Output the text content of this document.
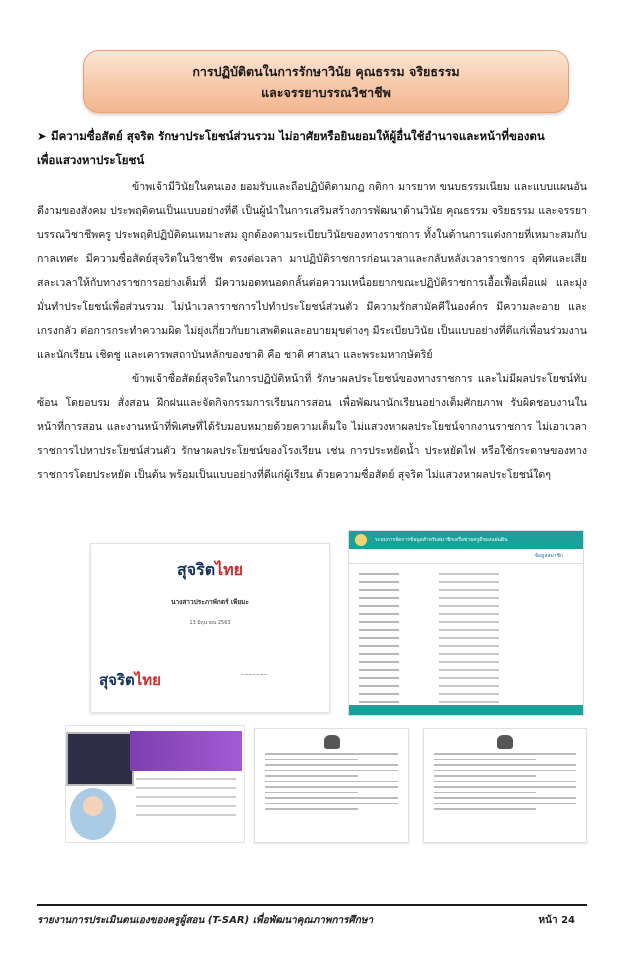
การปฏิบัติตนในการรักษาวินัย คุณธรรม จริยธรรม
และจรรยาบรรณวิชาชีพ
➤ มีความซื่อสัตย์ สุจริต รักษาประโยชน์ส่วนรวม ไม่อาศัยหรือยินยอมให้ผู้อื่นใช้อำนาจและหน้าที่ของตน
เพื่อแสวงหาประโยชน์
ข้าพเจ้ามีวินัยในตนเอง ยอมรับและถือปฏิบัติตามกฎ กติกา มารยาท ขนบธรรมเนียม และแบบแผนอันดีงามของสังคม ประพฤติตนเป็นแบบอย่างที่ดี เป็นผู้นำในการเสริมสร้างการพัฒนาด้านวินัย คุณธรรม จริยธรรม และจรรยาบรรณวิชาชีพครู ประพฤติปฏิบัติตนเหมาะสม ถูกต้องตามระเบียบวินัยของทางราชการ ทั้งในด้านการแต่งกายที่เหมาะสมกับกาลเทศะ มีความซื่อสัตย์สุจริตในวิชาชีพ ตรงต่อเวลา มาปฏิบัติราชการก่อนเวลาและกลับหลังเวลาราชการ อุทิศและเสียสละเวลาให้กับทางราชการอย่างเต็มที่ มีความอดทนอดกลั้นต่อความเหนื่อยยากขณะปฏิบัติราชการเอื้อเฟื้อเผื่อแผ่ และมุ่งมั่นทำประโยชน์เพื่อส่วนรวม ไม่นำเวลาราชการไปทำประโยชน์ส่วนตัว มีความรักสามัคคีในองค์กร มีความละอาย และเกรงกลัว ต่อการกระทำความผิด ไม่ยุ่งเกี่ยวกับยาเสพติดและอบายมุขต่างๆ มีระเบียบวินัย เป็นแบบอย่างที่ดีแก่เพื่อนร่วมงาน และนักเรียน เชิดชู และเคารพสถาบันหลักของชาติ คือ ชาติ ศาสนา และพระมหากษัตริย์
ข้าพเจ้าซื่อสัตย์สุจริตในการปฏิบัติหน้าที่ รักษาผลประโยชน์ของทางราชการ และไม่มีผลประโยชน์ทับซ้อน โดยอบรม สั่งสอน ฝึกฝนและจัดกิจกรรมการเรียนการสอน เพื่อพัฒนานักเรียนอย่างเต็มศักยภาพ รับผิดชอบงานในหน้าที่การสอน และงานหน้าที่พิเศษที่ได้รับมอบหมายด้วยความเต็มใจ ไม่แสวงหาผลประโยชน์จากงานราชการ ไม่เอาเวลาราชการไปหาประโยชน์ส่วนตัว รักษาผลประโยชน์ของโรงเรียน เช่น การประหยัดน้ำ ประหยัดไฟ หรือใช้กระดาษของทางราชการโดยประหยัด เป็นต้น พร้อมเป็นแบบอย่างที่ดีแก่ผู้เรียน ด้วยความซื่อสัตย์ สุจริต ไม่แสวงหาผลประโยชน์ใดๆ
สุจริตไทย

นางสาวประภาพักตร์ เพียมะ

13 มิถุนายน 2563
สุจริตไทย	~~~~~~~
ระบบการจัดการข้อมูลสำหรับสมาชิกเครือข่ายครูดีของแผ่นดิน
ข้อมูลสมาชิก
รายงานการประเมินตนเองของครูผู้สอน (T-SAR) เพื่อพัฒนาคุณภาพการศึกษา	หน้า 24
